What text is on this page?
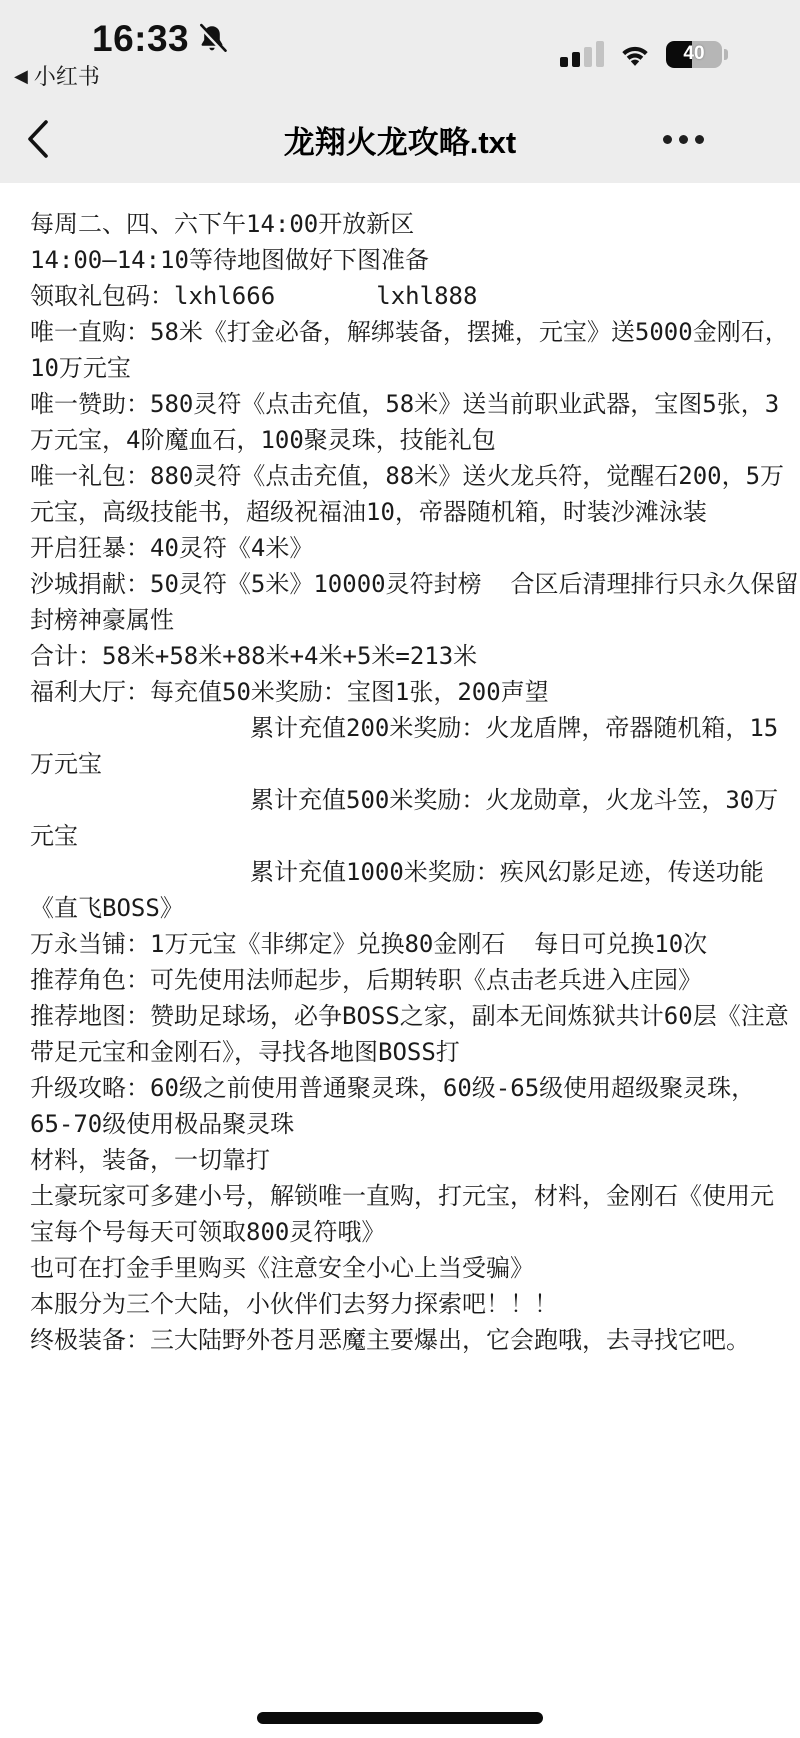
16:33
◀ 小红书
40
龙翔火龙攻略.txt
每周二、四、六下午14:00开放新区
14:00—14:10等待地图做好下图准备
领取礼包码：lxhl666       lxhl888
唯一直购：58米《打金必备，解绑装备，摆摊，元宝》送5000金刚石，
10万元宝
唯一赞助：580灵符《点击充值，58米》送当前职业武器，宝图5张，3
万元宝，4阶魔血石，100聚灵珠，技能礼包
唯一礼包：880灵符《点击充值，88米》送火龙兵符，觉醒石200，5万
元宝，高级技能书，超级祝福油10，帝器随机箱，时装沙滩泳装
开启狂暴：40灵符《4米》
沙城捐献：50灵符《5米》10000灵符封榜  合区后清理排行只永久保留
封榜神豪属性
合计：58米+58米+88米+4米+5米=213米
福利大厅：每充值50米奖励：宝图1张，200声望
累计充值200米奖励：火龙盾牌，帝器随机箱，15
万元宝
累计充值500米奖励：火龙勋章，火龙斗笠，30万
元宝
累计充值1000米奖励：疾风幻影足迹，传送功能
《直飞BOSS》
万永当铺：1万元宝《非绑定》兑换80金刚石  每日可兑换10次
推荐角色：可先使用法师起步，后期转职《点击老兵进入庄园》
推荐地图：赞助足球场，必争BOSS之家，副本无间炼狱共计60层《注意
带足元宝和金刚石》，寻找各地图BOSS打
升级攻略：60级之前使用普通聚灵珠，60级-65级使用超级聚灵珠，
65-70级使用极品聚灵珠
材料，装备，一切靠打
土豪玩家可多建小号，解锁唯一直购，打元宝，材料，金刚石《使用元
宝每个号每天可领取800灵符哦》
也可在打金手里购买《注意安全小心上当受骗》
本服分为三个大陆，小伙伴们去努力探索吧！！！
终极装备：三大陆野外苍月恶魔主要爆出，它会跑哦，去寻找它吧。
